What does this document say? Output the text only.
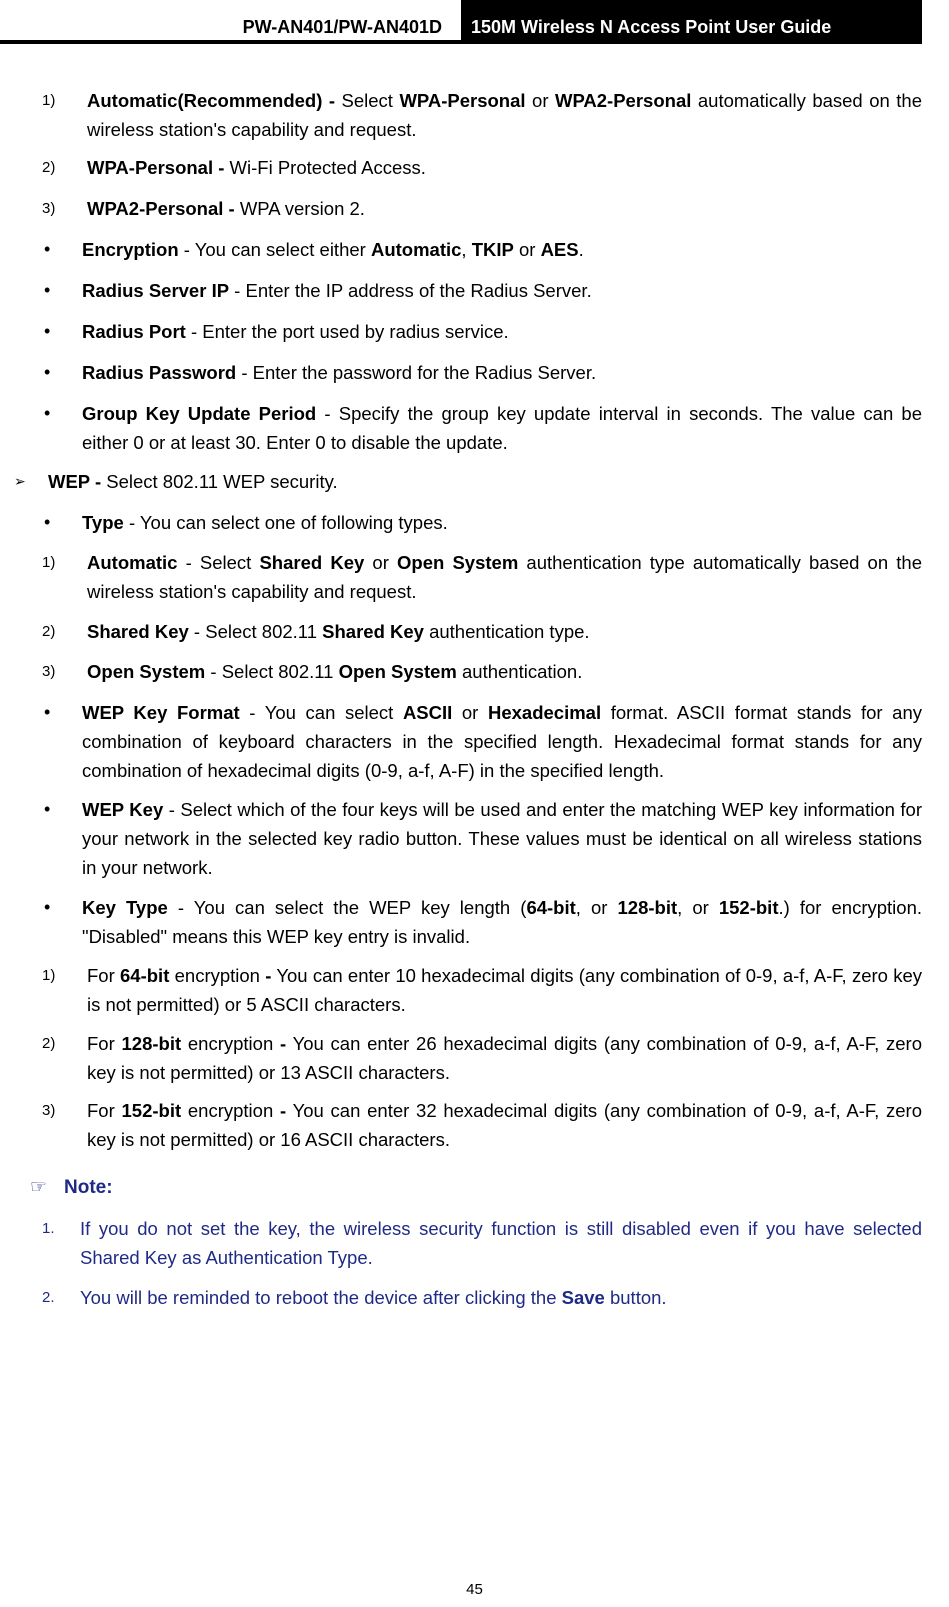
PW-AN401/PW-AN401D	150M Wireless N Access Point User Guide
1) Automatic(Recommended) - Select WPA-Personal or WPA2-Personal automatically based on the wireless station's capability and request.
2) WPA-Personal - Wi-Fi Protected Access.
3) WPA2-Personal - WPA version 2.
• Encryption - You can select either Automatic, TKIP or AES.
• Radius Server IP - Enter the IP address of the Radius Server.
• Radius Port - Enter the port used by radius service.
• Radius Password - Enter the password for the Radius Server.
• Group Key Update Period - Specify the group key update interval in seconds. The value can be either 0 or at least 30. Enter 0 to disable the update.
➢ WEP - Select 802.11 WEP security.
• Type - You can select one of following types.
1) Automatic - Select Shared Key or Open System authentication type automatically based on the wireless station's capability and request.
2) Shared Key - Select 802.11 Shared Key authentication type.
3) Open System - Select 802.11 Open System authentication.
• WEP Key Format - You can select ASCII or Hexadecimal format. ASCII format stands for any combination of keyboard characters in the specified length. Hexadecimal format stands for any combination of hexadecimal digits (0-9, a-f, A-F) in the specified length.
• WEP Key - Select which of the four keys will be used and enter the matching WEP key information for your network in the selected key radio button. These values must be identical on all wireless stations in your network.
• Key Type - You can select the WEP key length (64-bit, or 128-bit, or 152-bit.) for encryption. "Disabled" means this WEP key entry is invalid.
1) For 64-bit encryption - You can enter 10 hexadecimal digits (any combination of 0-9, a-f, A-F, zero key is not permitted) or 5 ASCII characters.
2) For 128-bit encryption - You can enter 26 hexadecimal digits (any combination of 0-9, a-f, A-F, zero key is not permitted) or 13 ASCII characters.
3) For 152-bit encryption - You can enter 32 hexadecimal digits (any combination of 0-9, a-f, A-F, zero key is not permitted) or 16 ASCII characters.
☞ Note:
1. If you do not set the key, the wireless security function is still disabled even if you have selected Shared Key as Authentication Type.
2. You will be reminded to reboot the device after clicking the Save button.
45
